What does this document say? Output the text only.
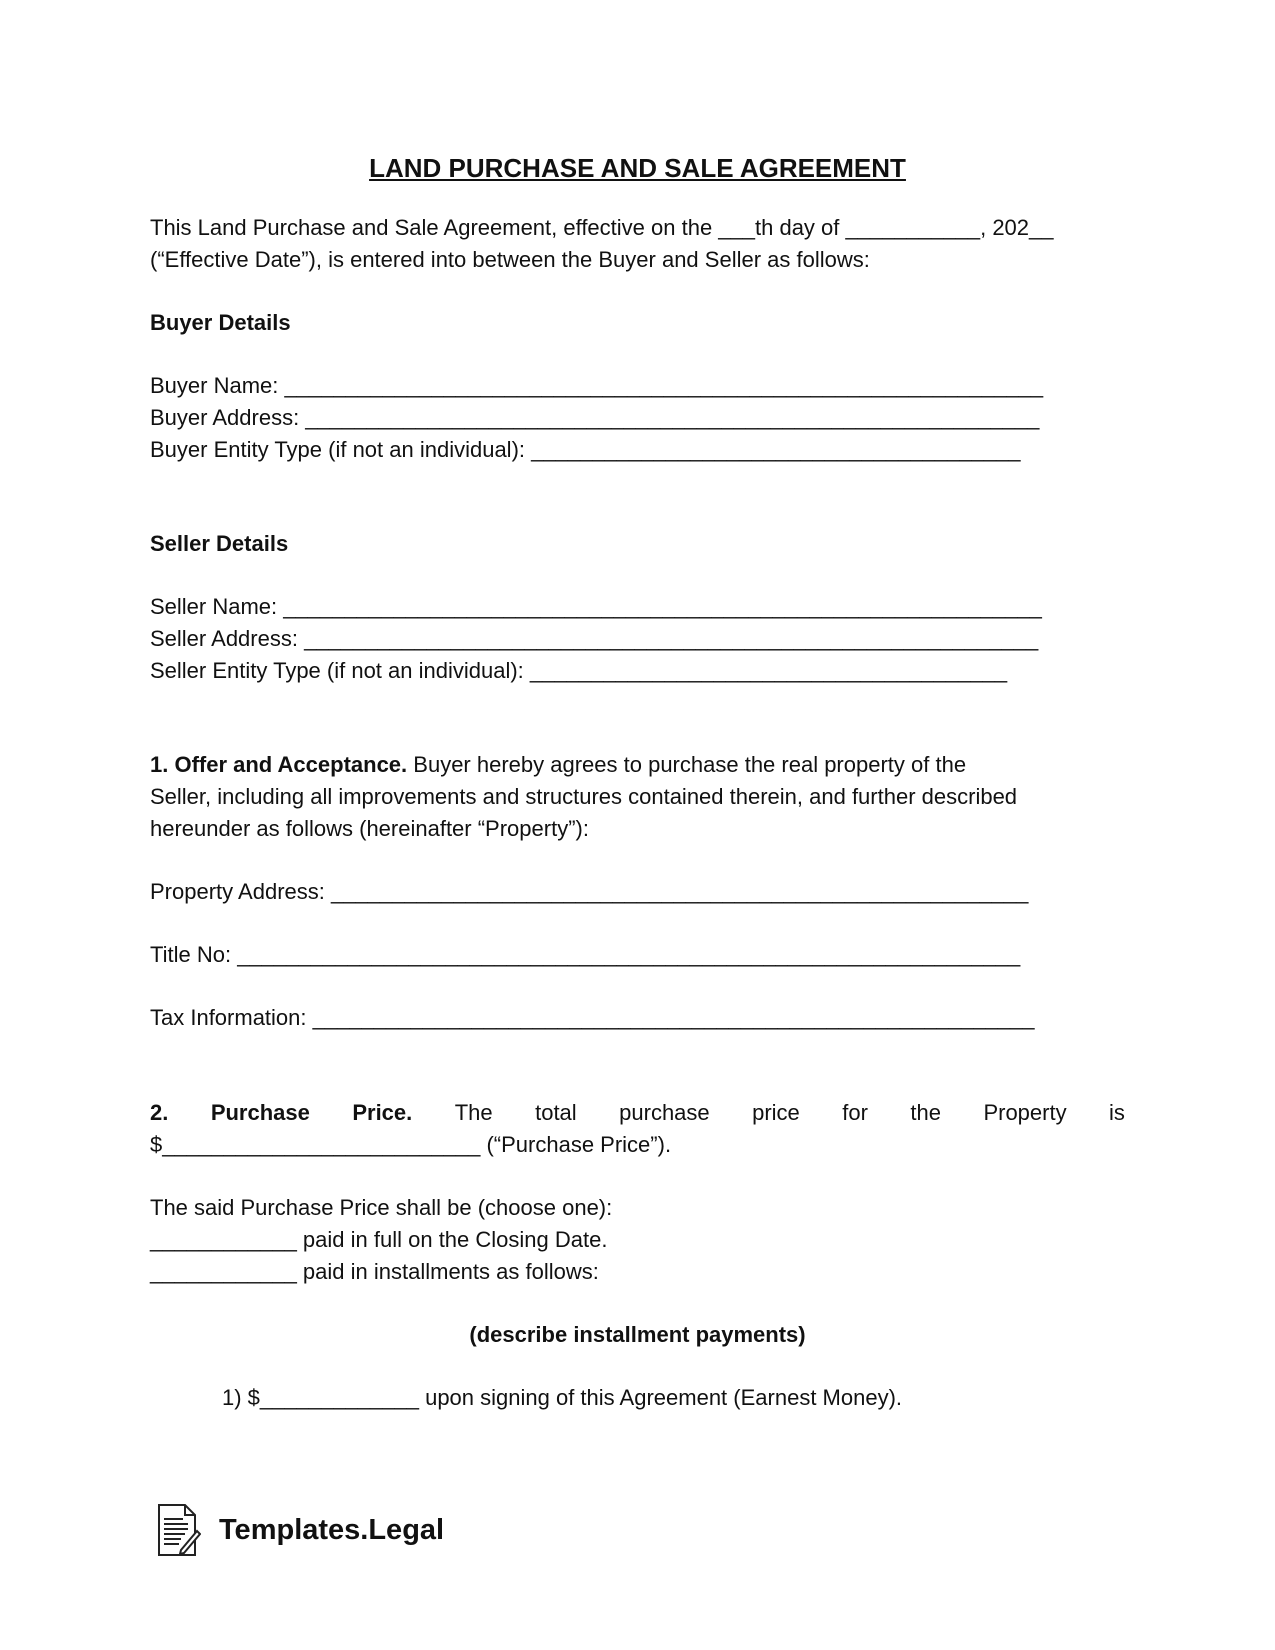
LAND PURCHASE AND SALE AGREEMENT
This Land Purchase and Sale Agreement, effective on the ___th day of ___________, 202__
(“Effective Date”), is entered into between the Buyer and Seller as follows:
Buyer Details
Buyer Name: ______________________________________________________________
Buyer Address: ____________________________________________________________
Buyer Entity Type (if not an individual): ________________________________________
Seller Details
Seller Name: ______________________________________________________________
Seller Address: ____________________________________________________________
Seller Entity Type (if not an individual): _______________________________________
1. Offer and Acceptance. Buyer hereby agrees to purchase the real property of the
Seller, including all improvements and structures contained therein, and further described
hereunder as follows (hereinafter “Property”):
Property Address: _________________________________________________________
Title No: ________________________________________________________________
Tax Information: ___________________________________________________________
2. Purchase Price. The total purchase price for the Property is
$__________________________ (“Purchase Price”).
The said Purchase Price shall be (choose one):
____________ paid in full on the Closing Date.
____________ paid in installments as follows:
(describe installment payments)
1) $_____________ upon signing of this Agreement (Earnest Money).
Templates.Legal
